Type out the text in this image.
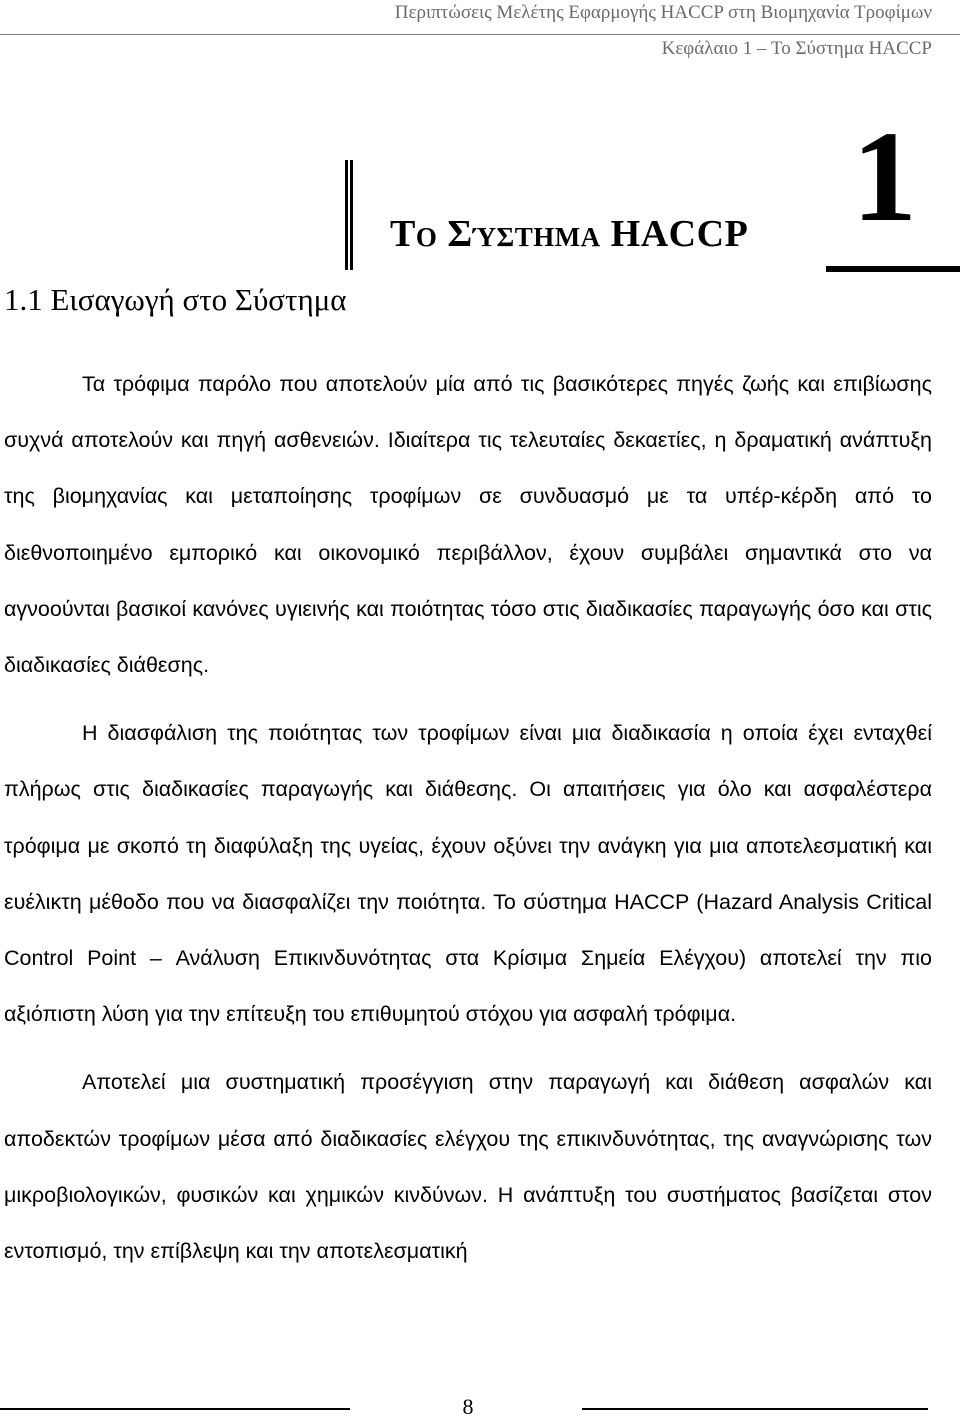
Περιπτώσεις Μελέτης Εφαρμογής HACCP στη Βιομηχανία Τροφίμων
Κεφάλαιο 1 – Το Σύστημα HACCP
Το Σύστημα HACCP 1
1.1 Εισαγωγή στο Σύστημα

Τα τρόφιμα παρόλο που αποτελούν μία από τις βασικότερες πηγές ζωής και επιβίωσης συχνά αποτελούν και πηγή ασθενειών. Ιδιαίτερα τις τελευταίες δεκαετίες, η δραματική ανάπτυξη της βιομηχανίας και μεταποίησης τροφίμων σε συνδυασμό με τα υπέρ-κέρδη από το διεθνοποιημένο εμπορικό και οικονομικό περιβάλλον, έχουν συμβάλει σημαντικά στο να αγνοούνται βασικοί κανόνες υγιεινής και ποιότητας τόσο στις διαδικασίες παραγωγής όσο και στις διαδικασίες διάθεσης.

Η διασφάλιση της ποιότητας των τροφίμων είναι μια διαδικασία η οποία έχει ενταχθεί πλήρως στις διαδικασίες παραγωγής και διάθεσης. Οι απαιτήσεις για όλο και ασφαλέστερα τρόφιμα με σκοπό τη διαφύλαξη της υγείας, έχουν οξύνει την ανάγκη για μια αποτελεσματική και ευέλικτη μέθοδο που να διασφαλίζει την ποιότητα. Το σύστημα HACCP (Hazard Analysis Critical Control Point – Ανάλυση Επικινδυνότητας στα Κρίσιμα Σημεία Ελέγχου) αποτελεί την πιο αξιόπιστη λύση για την επίτευξη του επιθυμητού στόχου για ασφαλή τρόφιμα.

Αποτελεί μια συστηματική προσέγγιση στην παραγωγή και διάθεση ασφαλών και αποδεκτών τροφίμων μέσα από διαδικασίες ελέγχου της επικινδυνότητας, της αναγνώρισης των μικροβιολογικών, φυσικών και χημικών κινδύνων. Η ανάπτυξη του συστήματος βασίζεται στον εντοπισμό, την επίβλεψη και την αποτελεσματική

8
